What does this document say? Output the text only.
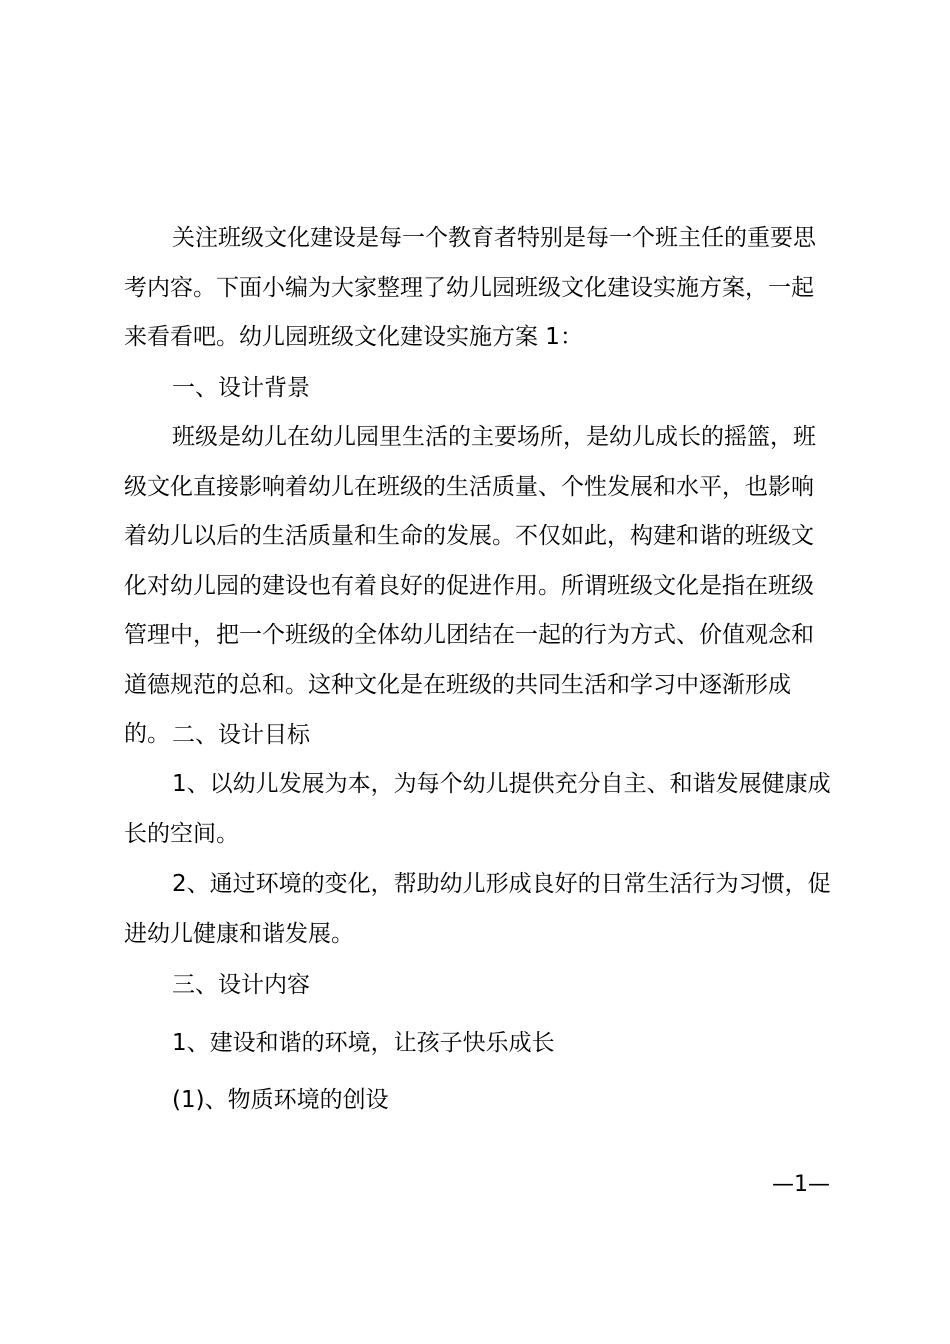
关注班级文化建设是每一个教育者特别是每一个班主任的重要思考内容。下面小编为大家整理了幼儿园班级文化建设实施方案，一起来看看吧。幼儿园班级文化建设实施方案 1：

一、设计背景

班级是幼儿在幼儿园里生活的主要场所，是幼儿成长的摇篮，班级文化直接影响着幼儿在班级的生活质量、个性发展和水平，也影响着幼儿以后的生活质量和生命的发展。不仅如此，构建和谐的班级文化对幼儿园的建设也有着良好的促进作用。所谓班级文化是指在班级管理中，把一个班级的全体幼儿团结在一起的行为方式、价值观念和道德规范的总和。这种文化是在班级的共同生活和学习中逐渐形成的。 二、设计目标

1、以幼儿发展为本，为每个幼儿提供充分自主、和谐发展健康成长的空间。

2、通过环境的变化，帮助幼儿形成良好的日常生活行为习惯，促进幼儿健康和谐发展。

三、设计内容

1、建设和谐的环境，让孩子快乐成长

(1)、物质环境的创设

—1—
